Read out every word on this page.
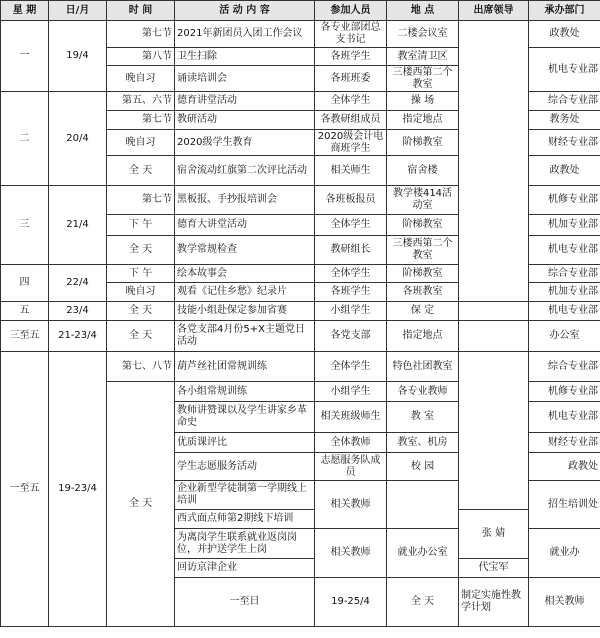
星 期	日/月	时 间	活 动 内 容	参加人员	地 点	出席领导	承办部门	
一	19/4	第七节	2021年新团员入团工作会议	各专业部团总支书记	二楼会议室		政教处	
		第八节	卫生扫除	各班学生	教室清卫区		机电专业部	
		晚自习	诵读培训会	各班班委	三楼西第二个教室			
二	20/4	第五、六节	德育讲堂活动	全体学生	操 场		综合专业部	
		第七节	教研活动	各教研组成员	指定地点		教务处	
		晚自习	2020级学生教育	2020级会计电商班学生	阶梯教室		财经专业部	
		全 天	宿舍流动红旗第二次评比活动	相关师生	宿舍楼		政教处	
三	21/4	第七节	黑板报、手抄报培训会	各班板报员	教学楼414活动室		机修专业部	
		下 午	德育大讲堂活动	全体学生	阶梯教室		机加专业部	
		全 天	教学常规检查	教研组长	三楼西第二个教室		机电专业部	
四	22/4	下 午	绘本故事会	全体学生	阶梯教室		综合专业部	
		晚自习	观看《记住乡愁》纪录片	各班学生	各班教室		机加专业部	
五	23/4	全 天	技能小组赴保定参加省赛	小组学生	保 定		机电专业部	
三至五	21-23/4	全 天	各党支部4月份5+X主题党日活动	各党支部	指定地点		办公室	
一至五	19-23/4	第七、八节	葫芦丝社团常规训练	全体学生	特色社团教室		综合专业部	
		全 天	各小组常规训练	小组学生	各专业教师		机修专业部	
			教师讲赞课以及学生讲家乡革命史	相关班级师生	教 室		机电专业部	
			优质课评比	全体教师	教室、机房		财经专业部	
			学生志愿服务活动	志愿服务队成员	校 园		政教处	
			企业新型学徒制第一学期线上培训	相关教师			招生培训处	
			西式面点师第2期线下培训			张 婧		
			为离岗学生联系就业返岗岗位，并护送学生上岗	相关教师	就业办公室		就业办	
			回访京津企业			代宝军		
			一至日	19-25/4	全 天	制定实施性教学计划	相关教师			
